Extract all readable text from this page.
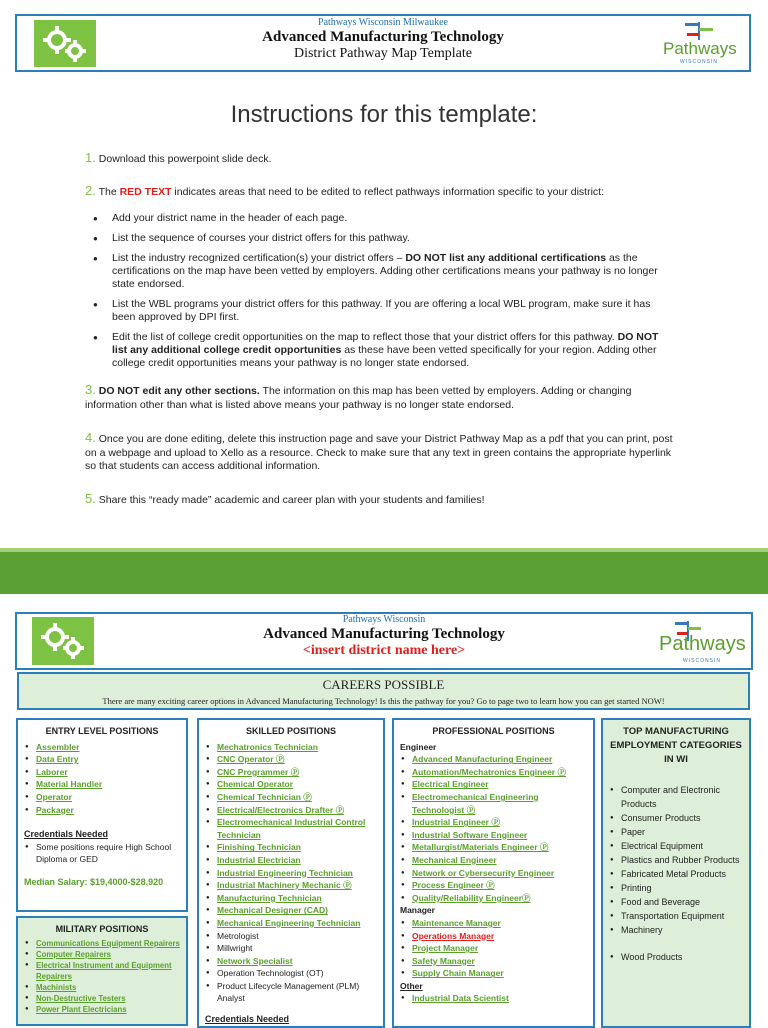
Pathways Wisconsin Milwaukee
Advanced Manufacturing Technology
District Pathway Map Template	Pathways
WISCONSIN
Instructions for this template:
1. Download this powerpoint slide deck.
2. The RED TEXT indicates areas that need to be edited to reflect pathways information specific to your district:
● Add your district name in the header of each page.
● List the sequence of courses your district offers for this pathway.
● List the industry recognized certification(s) your district offers – DO NOT list any additional certifications as the certifications on the map have been vetted by employers. Adding other certifications means your pathway is no longer state endorsed.
● List the WBL programs your district offers for this pathway. If you are offering a local WBL program, make sure it has been approved by DPI first.
● Edit the list of college credit opportunities on the map to reflect those that your district offers for this pathway. DO NOT list any additional college credit opportunities as these have been vetted specifically for your region. Adding other college credit opportunities means your pathway is no longer state endorsed.
3. DO NOT edit any other sections. The information on this map has been vetted by employers. Adding or changing information other than what is listed above means your pathway is no longer state endorsed.
4. Once you are done editing, delete this instruction page and save your District Pathway Map as a pdf that you can print, post on a webpage and upload to Xello as a resource. Check to make sure that any text in green contains the appropriate hyperlink so that students can access additional information.
5. Share this “ready made” academic and career plan with your students and families!
Pathways Wisconsin
Advanced Manufacturing Technology
<insert district name here>	Pathways
WISCONSIN
CAREERS POSSIBLE
There are many exciting career options in Advanced Manufacturing Technology! Is this the pathway for you? Go to page two to learn how you can get started NOW!
ENTRY LEVEL POSITIONS
● Assembler
● Data Entry
● Laborer
● Material Handler
● Operator
● Packager
Credentials Needed
● Some positions require High School Diploma or GED
Median Salary: $19,4000-$28,920
MILITARY POSITIONS
● Communications Equipment Repairers
● Computer Repairers
● Electrical Instrument and Equipment Repairers
● Machinists
● Non-Destructive Testers
● Power Plant Electricians
SKILLED POSITIONS
● Mechatronics Technician
● CNC Operator Ⓟ
● CNC Programmer Ⓟ
● Chemical Operator
● Chemical Technician Ⓟ
● Electrical/Electronics Drafter Ⓟ
● Electromechanical Industrial Control Technician
● Finishing Technician
● Industrial Electrician
● Industrial Engineering Technician
● Industrial Machinery Mechanic Ⓟ
● Manufacturing Technician
● Mechanical Designer (CAD)
● Mechanical Engineering Technician
● Metrologist
● Millwright
● Network Specialist
● Operation Technologist (OT)
● Product Lifecycle Management (PLM) Analyst
Credentials Needed
PROFESSIONAL POSITIONS
Engineer
● Advanced Manufacturing Engineer
● Automation/Mechatronics Engineer Ⓟ
● Electrical Engineer
● Electromechanical Engineering Technologist Ⓟ
● Industrial Engineer Ⓟ
● Industrial Software Engineer
● Metallurgist/Materials Engineer Ⓟ
● Mechanical Engineer
● Network or Cybersecurity Engineer
● Process Engineer Ⓟ
● Quality/Reliability EngineerⓅ
Manager
● Maintenance Manager
● Operations Manager
● Project Manager
● Safety Manager
● Supply Chain Manager
Other
● Industrial Data Scientist
TOP MANUFACTURING EMPLOYMENT CATEGORIES IN WI
● Computer and Electronic Products
● Consumer Products
● Paper
● Electrical Equipment
● Plastics and Rubber Products
● Fabricated Metal Products
● Printing
● Food and Beverage
● Transportation Equipment
● Machinery
● Wood Products
